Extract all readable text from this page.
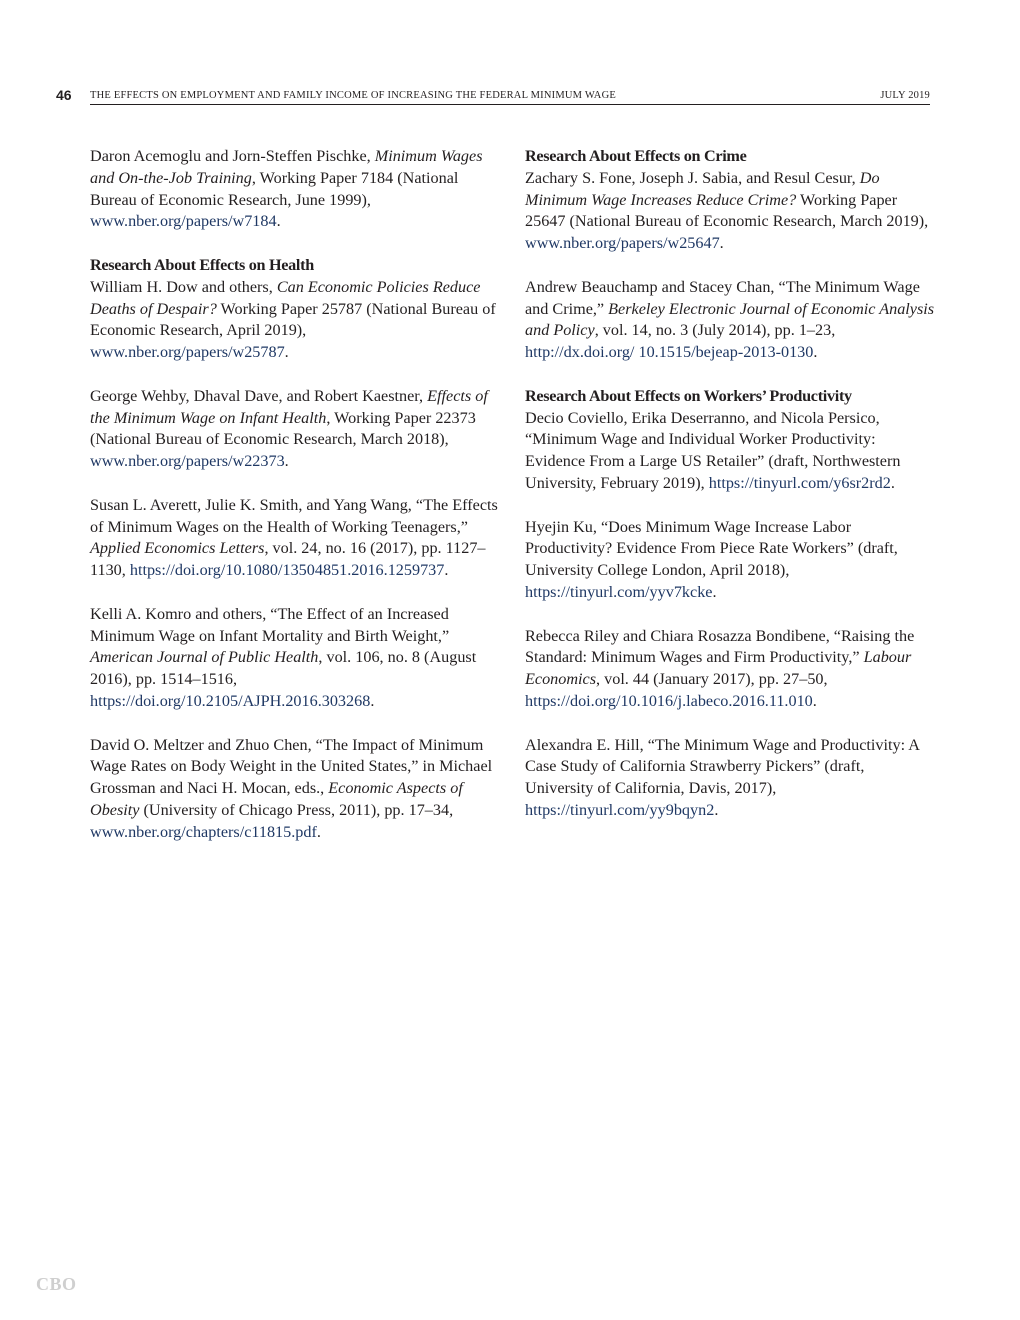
46 THE EFFECTS ON EMPLOYMENT AND FAMILY INCOME OF INCREASING THE FEDERAL MINIMUM WAGE	JULY 2019

Daron Acemoglu and Jorn-Steffen Pischke, Minimum Wages and On-the-Job Training, Working Paper 7184 (National Bureau of Economic Research, June 1999), www.nber.org/papers/w7184.

Research About Effects on Health

William H. Dow and others, Can Economic Policies Reduce Deaths of Despair? Working Paper 25787 (National Bureau of Economic Research, April 2019), www.nber.org/papers/w25787.

George Wehby, Dhaval Dave, and Robert Kaestner, Effects of the Minimum Wage on Infant Health, Working Paper 22373 (National Bureau of Economic Research, March 2018), www.nber.org/papers/w22373.

Susan L. Averett, Julie K. Smith, and Yang Wang, “The Effects of Minimum Wages on the Health of Working Teenagers,” Applied Economics Letters, vol. 24, no. 16 (2017), pp. 1127–1130, https://doi.org/10.1080/13504851.2016.1259737.

Kelli A. Komro and others, “The Effect of an Increased Minimum Wage on Infant Mortality and Birth Weight,” American Journal of Public Health, vol. 106, no. 8 (August 2016), pp. 1514–1516, https://doi.org/10.2105/AJPH.2016.303268.

David O. Meltzer and Zhuo Chen, “The Impact of Minimum Wage Rates on Body Weight in the United States,” in Michael Grossman and Naci H. Mocan, eds., Economic Aspects of Obesity (University of Chicago Press, 2011), pp. 17–34, www.nber.org/chapters/c11815.pdf.

Research About Effects on Crime

Zachary S. Fone, Joseph J. Sabia, and Resul Cesur, Do Minimum Wage Increases Reduce Crime? Working Paper 25647 (National Bureau of Economic Research, March 2019), www.nber.org/papers/w25647.

Andrew Beauchamp and Stacey Chan, “The Minimum Wage and Crime,” Berkeley Electronic Journal of Economic Analysis and Policy, vol. 14, no. 3 (July 2014), pp. 1–23, http://dx.doi.org/ 10.1515/bejeap-2013-0130.

Research About Effects on Workers’ Productivity

Decio Coviello, Erika Deserranno, and Nicola Persico, “Minimum Wage and Individual Worker Productivity: Evidence From a Large US Retailer” (draft, Northwestern University, February 2019), https://tinyurl.com/y6sr2rd2.

Hyejin Ku, “Does Minimum Wage Increase Labor Productivity? Evidence From Piece Rate Workers” (draft, University College London, April 2018), https://tinyurl.com/yyv7kcke.

Rebecca Riley and Chiara Rosazza Bondibene, “Raising the Standard: Minimum Wages and Firm Productivity,” Labour Economics, vol. 44 (January 2017), pp. 27–50, https://doi.org/10.1016/j.labeco.2016.11.010.

Alexandra E. Hill, “The Minimum Wage and Productivity: A Case Study of California Strawberry Pickers” (draft, University of California, Davis, 2017), https://tinyurl.com/yy9bqyn2.

CBO
